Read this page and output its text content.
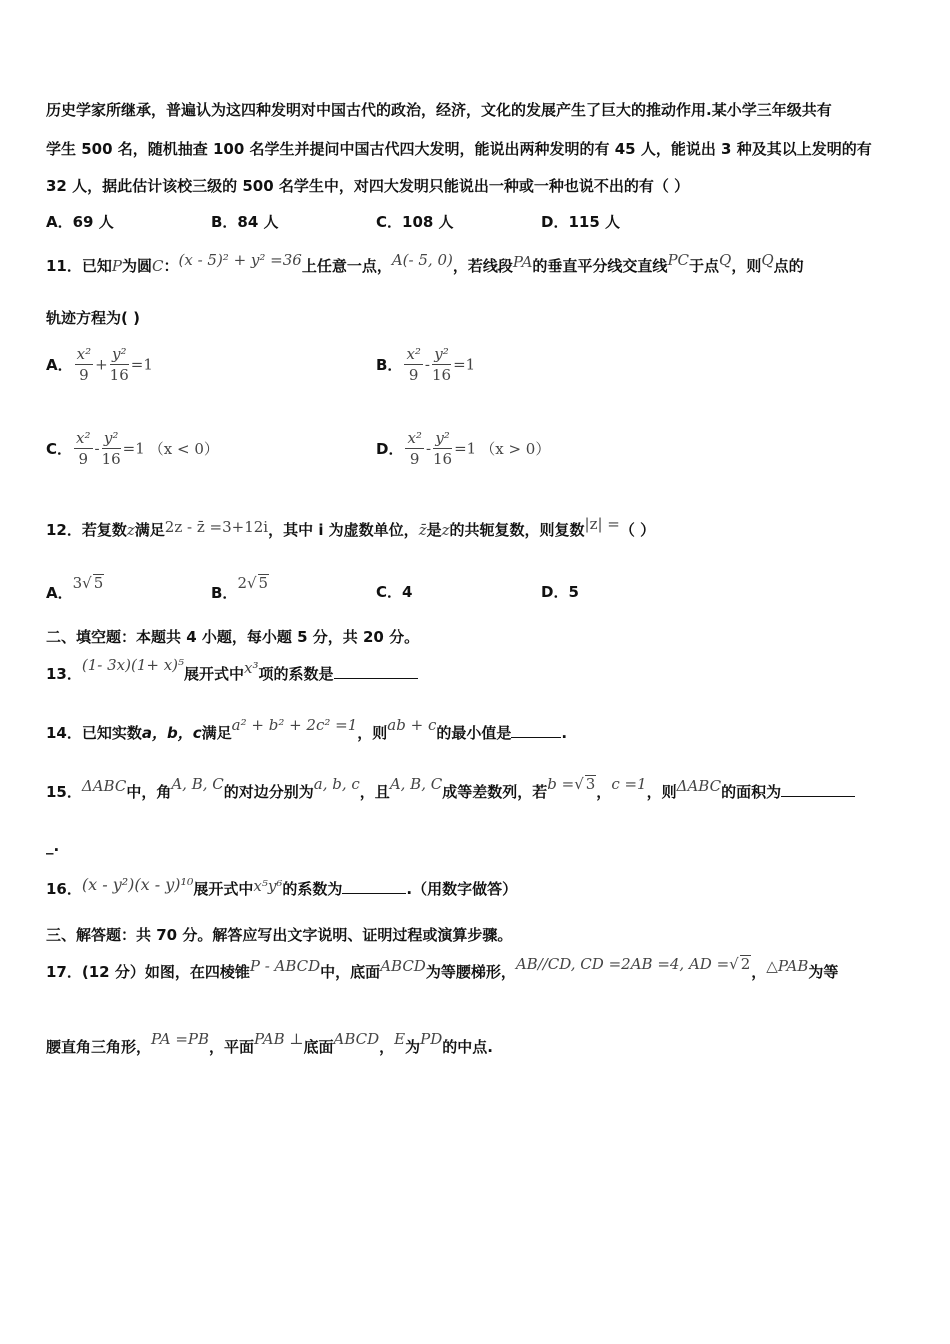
历史学家所继承，普遍认为这四种发明对中国古代的政治，经济，文化的发展产生了巨大的推动作用.某小学三年级共有
学生 500 名，随机抽查 100 名学生并提问中国古代四大发明，能说出两种发明的有 45 人，能说出 3 种及其以上发明的有
32 人，据此估计该校三级的 500 名学生中，对四大发明只能说出一种或一种也说不出的有（ ）
A．69 人	B．84 人	C．108 人	D．115 人
11．已知P为圆C：(x - 5)² + y² =36上任意一点，A(- 5, 0)，若线段PA的垂直平分线交直线PC于点Q，则Q点的
轨迹方程为( )
A． $\frac{\text{x²}}{9} + \frac{\text{y²}}{16} =1$	B． $\frac{\text{x²}}{9} - \frac{\text{y²}}{16} =1$
C． $\frac{\text{x²}}{9} - \frac{\text{y²}}{16} =1$ （x < 0）	D． $\frac{\text{x²}}{9} - \frac{\text{y²}}{16} =1$ （x > 0）
12．若复数z满足2z - z̄ =3+12i，其中 i 为虚数单位，z̄是z的共轭复数，则复数|z| =（ ）
A．3√ 5
B．2√ 5	C．4	D．5
二、填空题：本题共 4 小题，每小题 5 分，共 20 分。
13．(1- 3x)(1+ x)⁵展开式中x³项的系数是
14．已知实数a，b，c满足a² + b² + 2c² =1，则ab + c的最小值是	.
15．ΔABC中，角A, B, C的对边分别为a, b, c，且A, B, C成等差数列，若b =√ 3，c =1，则ΔABC的面积为
_.
16．(x - y²)(x - y)¹⁰展开式中x⁵y⁶的系数为	.（用数字做答）
三、解答题：共 70 分。解答应写出文字说明、证明过程或演算步骤。
17．(12 分）如图，在四棱锥P - ABCD中，底面ABCD为等腰梯形，AB//CD, CD =2AB =4, AD =√ 2，△PAB为等
腰直角三角形，PA =PB，平面PAB ⊥底面ABCD，E为PD的中点.
